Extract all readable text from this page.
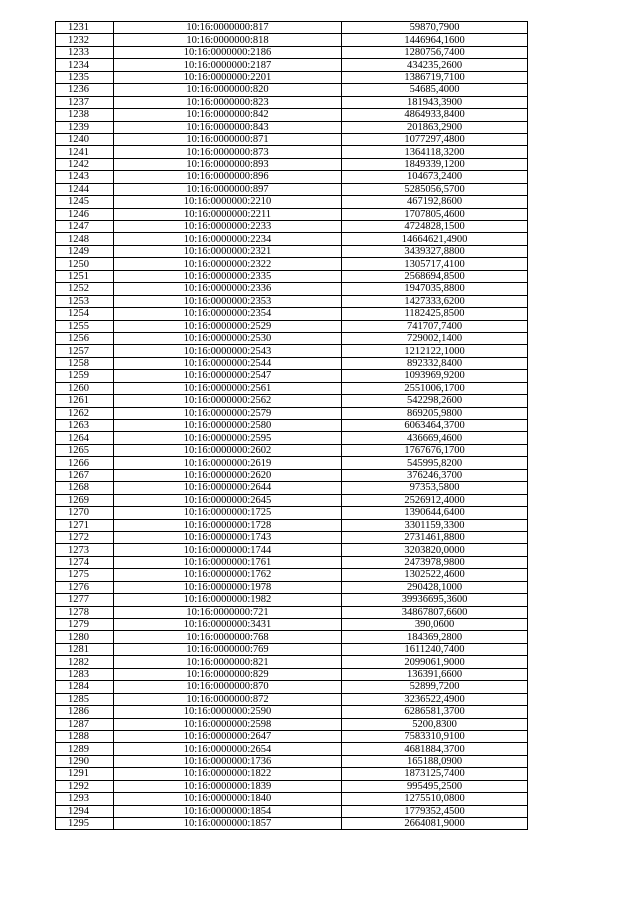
1231	10:16:0000000:817	59870,7900
1232	10:16:0000000:818	1446964,1600
1233	10:16:0000000:2186	1280756,7400
1234	10:16:0000000:2187	434235,2600
1235	10:16:0000000:2201	1386719,7100
1236	10:16:0000000:820	54685,4000
1237	10:16:0000000:823	181943,3900
1238	10:16:0000000:842	4864933,8400
1239	10:16:0000000:843	201863,2900
1240	10:16:0000000:871	1077297,4800
1241	10:16:0000000:873	1364118,3200
1242	10:16:0000000:893	1849339,1200
1243	10:16:0000000:896	104673,2400
1244	10:16:0000000:897	5285056,5700
1245	10:16:0000000:2210	467192,8600
1246	10:16:0000000:2211	1707805,4600
1247	10:16:0000000:2233	4724828,1500
1248	10:16:0000000:2234	14664621,4900
1249	10:16:0000000:2321	3439327,8800
1250	10:16:0000000:2322	1305717,4100
1251	10:16:0000000:2335	2568694,8500
1252	10:16:0000000:2336	1947035,8800
1253	10:16:0000000:2353	1427333,6200
1254	10:16:0000000:2354	1182425,8500
1255	10:16:0000000:2529	741707,7400
1256	10:16:0000000:2530	729002,1400
1257	10:16:0000000:2543	1212122,1000
1258	10:16:0000000:2544	892332,8400
1259	10:16:0000000:2547	1093969,9200
1260	10:16:0000000:2561	2551006,1700
1261	10:16:0000000:2562	542298,2600
1262	10:16:0000000:2579	869205,9800
1263	10:16:0000000:2580	6063464,3700
1264	10:16:0000000:2595	436669,4600
1265	10:16:0000000:2602	1767676,1700
1266	10:16:0000000:2619	545995,8200
1267	10:16:0000000:2620	376246,3700
1268	10:16:0000000:2644	97353,5800
1269	10:16:0000000:2645	2526912,4000
1270	10:16:0000000:1725	1390644,6400
1271	10:16:0000000:1728	3301159,3300
1272	10:16:0000000:1743	2731461,8800
1273	10:16:0000000:1744	3203820,0000
1274	10:16:0000000:1761	2473978,9800
1275	10:16:0000000:1762	1302522,4600
1276	10:16:0000000:1978	290428,1000
1277	10:16:0000000:1982	39936695,3600
1278	10:16:0000000:721	34867807,6600
1279	10:16:0000000:3431	390,0600
1280	10:16:0000000:768	184369,2800
1281	10:16:0000000:769	1611240,7400
1282	10:16:0000000:821	2099061,9000
1283	10:16:0000000:829	136391,6600
1284	10:16:0000000:870	52899,7200
1285	10:16:0000000:872	3236522,4900
1286	10:16:0000000:2590	6286581,3700
1287	10:16:0000000:2598	5200,8300
1288	10:16:0000000:2647	7583310,9100
1289	10:16:0000000:2654	4681884,3700
1290	10:16:0000000:1736	165188,0900
1291	10:16:0000000:1822	1873125,7400
1292	10:16:0000000:1839	995495,2500
1293	10:16:0000000:1840	1275510,0800
1294	10:16:0000000:1854	1779352,4500
1295	10:16:0000000:1857	2664081,9000
